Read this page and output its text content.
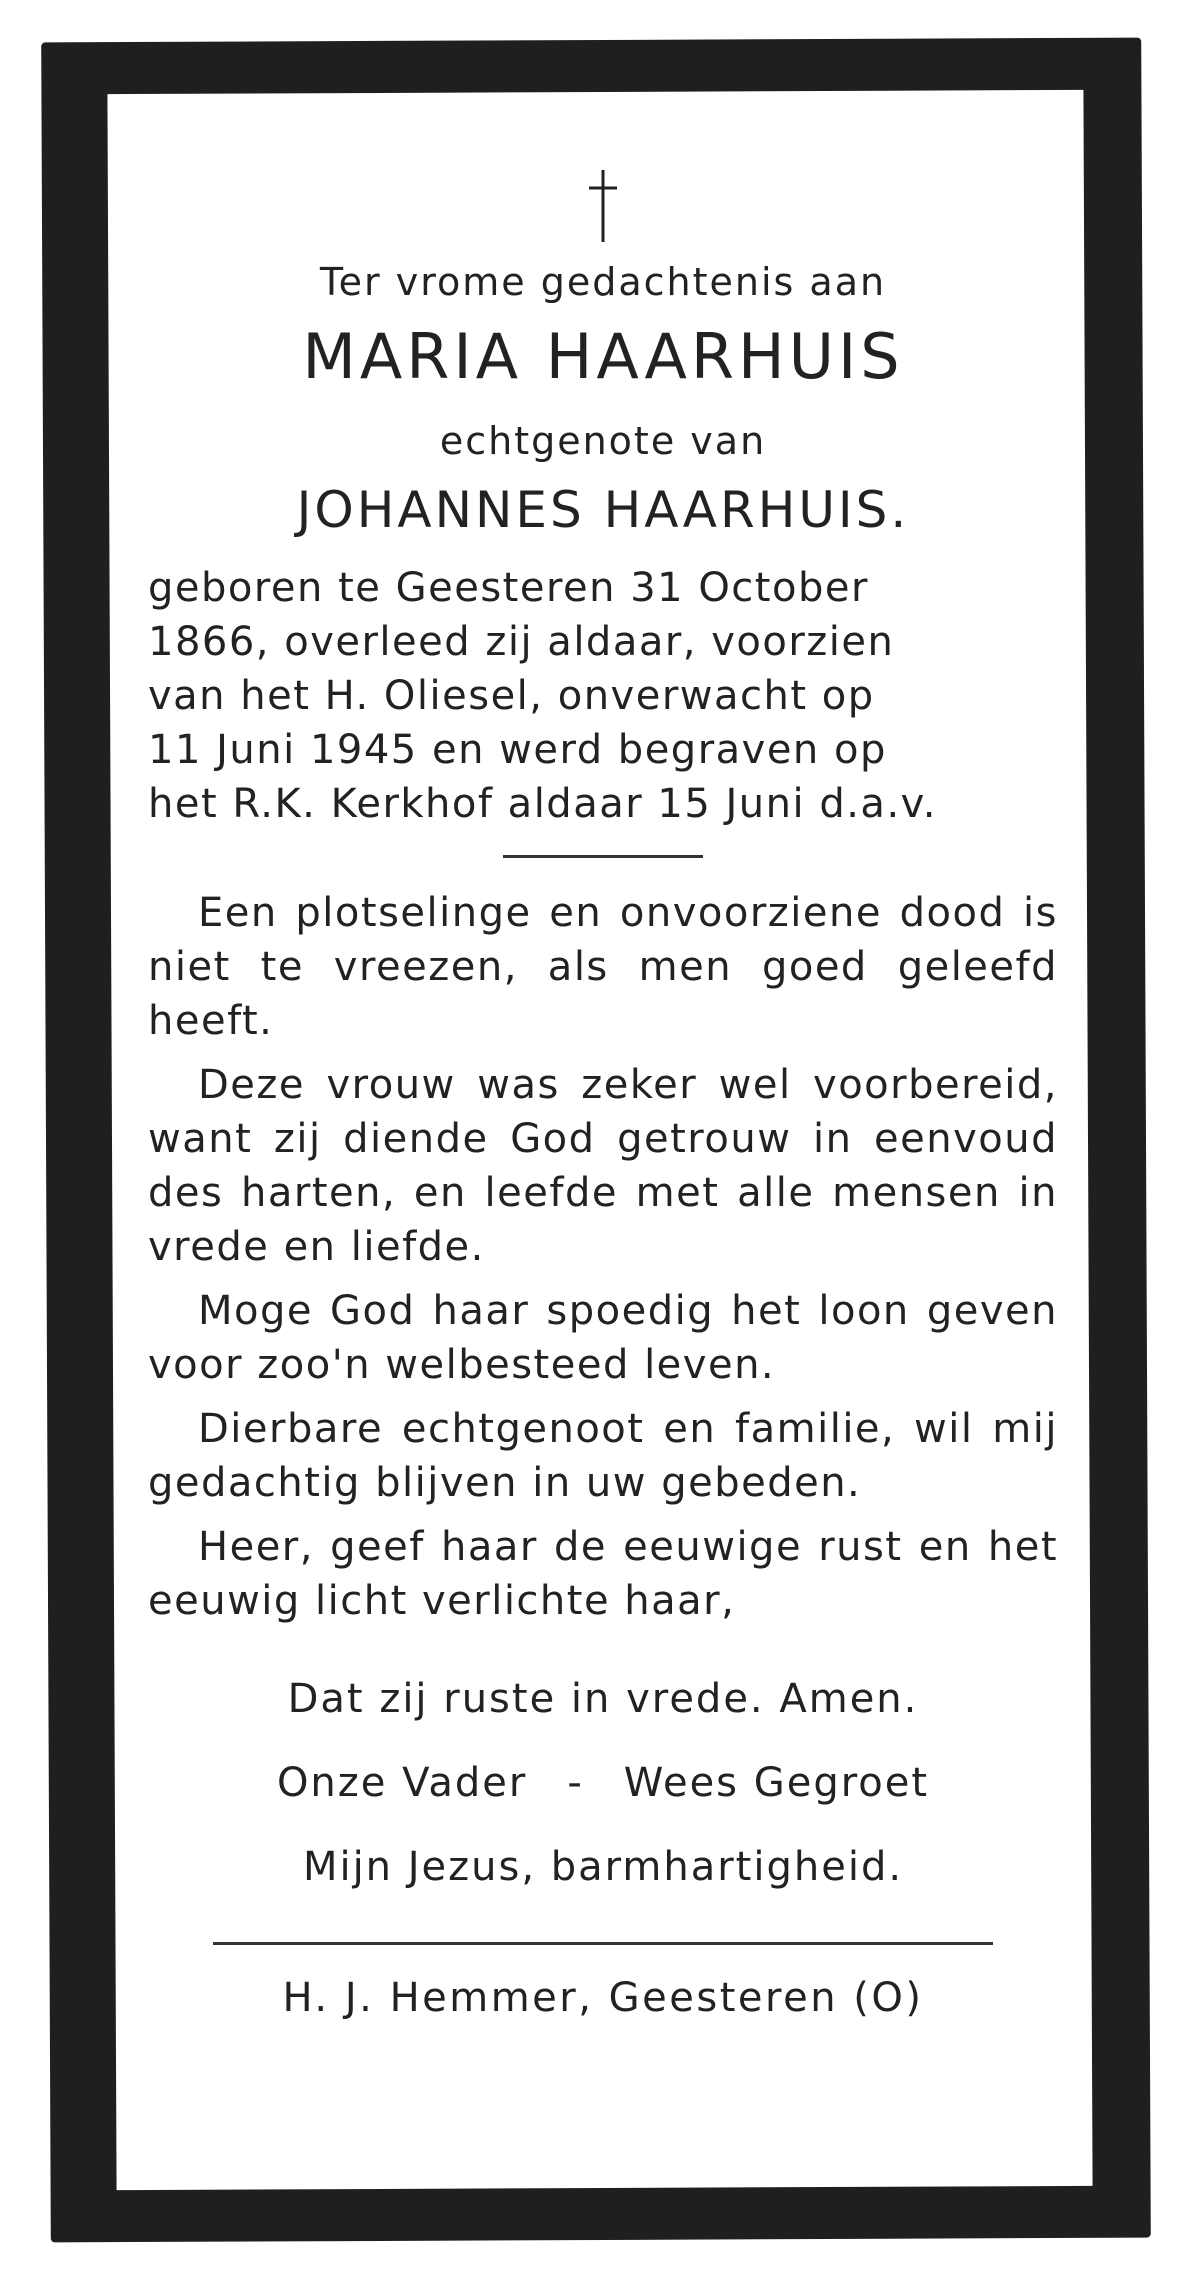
Ter vrome gedachtenis aan
MARIA HAARHUIS
echtgenote van
JOHANNES HAARHUIS.
geboren te Geesteren 31 October
1866, overleed zij aldaar, voorzien
van het H. Oliesel, onverwacht op
11 Juni 1945 en werd begraven op
het R.K. Kerkhof aldaar 15 Juni d.a.v.

Een plotselinge en onvoorziene dood is niet te vreezen, als men goed geleefd heeft.

Deze vrouw was zeker wel voorbereid, want zij diende God getrouw in eenvoud des harten, en leefde met alle mensen in vrede en liefde.

Moge God haar spoedig het loon geven voor zoo'n welbesteed leven.

Dierbare echtgenoot en familie, wil mij gedachtig blijven in uw gebeden.

Heer, geef haar de eeuwige rust en het eeuwig licht verlichte haar,

Dat zij ruste in vrede. Amen.
Onze Vader - Wees Gegroet
Mijn Jezus, barmhartigheid.
H. J. Hemmer, Geesteren (O)
